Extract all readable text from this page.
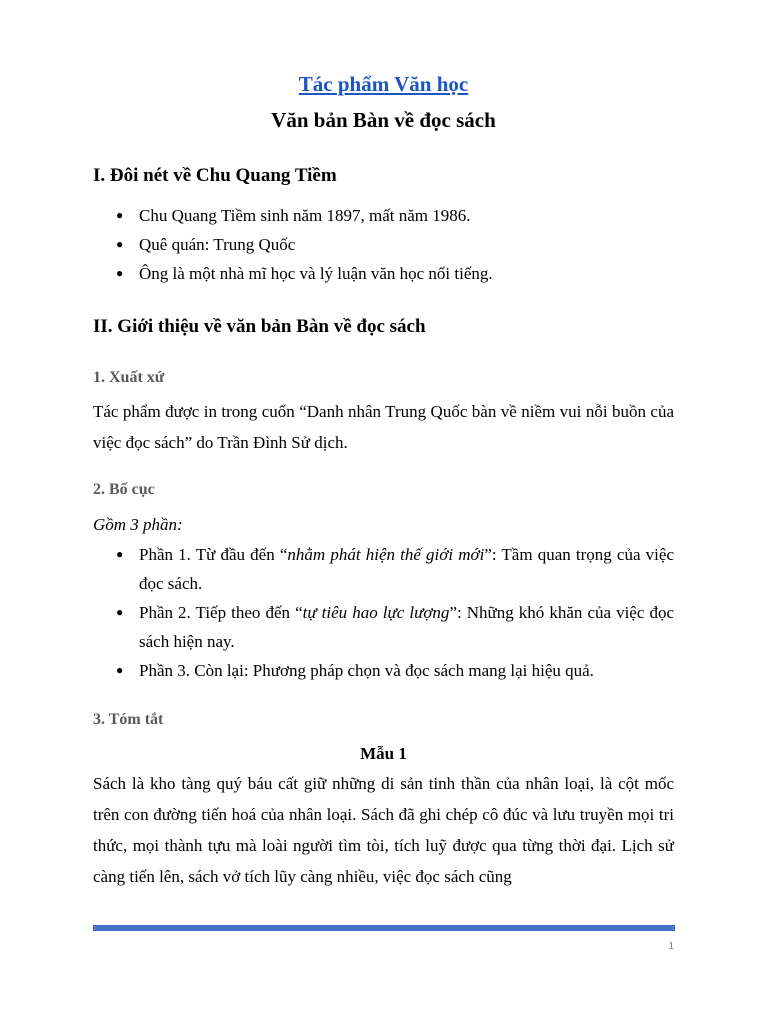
Tác phẩm Văn học
Văn bản Bàn về đọc sách
I. Đôi nét về Chu Quang Tiềm
● Chu Quang Tiềm sinh năm 1897, mất năm 1986.
● Quê quán: Trung Quốc
● Ông là một nhà mĩ học và lý luận văn học nổi tiếng.
II. Giới thiệu về văn bản Bàn về đọc sách
1. Xuất xứ

Tác phẩm được in trong cuốn “Danh nhân Trung Quốc bàn về niềm vui nỗi buồn của việc đọc sách” do Trần Đình Sử dịch.

2. Bố cục
Gồm 3 phần:
● Phần 1. Từ đầu đến “nhằm phát hiện thế giới mới”: Tầm quan trọng của việc đọc sách.
● Phần 2. Tiếp theo đến “tự tiêu hao lực lượng”: Những khó khăn của việc đọc sách hiện nay.
● Phần 3. Còn lại: Phương pháp chọn và đọc sách mang lại hiệu quả.
3. Tóm tắt
Mẫu 1

Sách là kho tàng quý báu cất giữ những di sản tinh thần của nhân loại, là cột mốc trên con đường tiến hoá của nhân loại. Sách đã ghi chép cô đúc và lưu truyền mọi tri thức, mọi thành tựu mà loài người tìm tòi, tích luỹ được qua từng thời đại. Lịch sử càng tiến lên, sách vở tích lũy càng nhiều, việc đọc sách cũng

1
